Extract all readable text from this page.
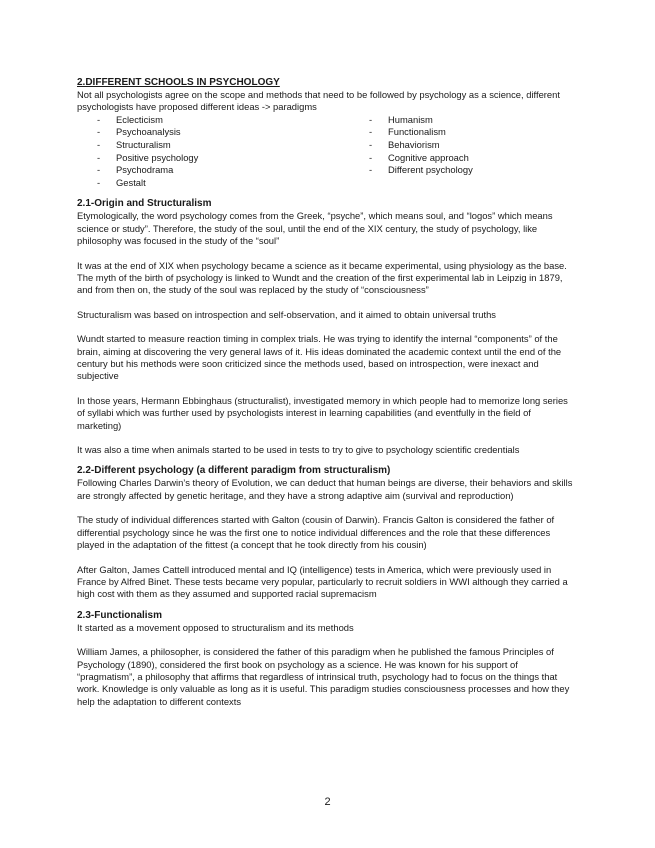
2.DIFFERENT SCHOOLS IN PSYCHOLOGY

Not all psychologists agree on the scope and methods that need to be followed by psychology as a science, different psychologists have proposed different ideas -> paradigms

-	Eclecticism
-	Psychoanalysis
-	Structuralism
-	Positive psychology
-	Psychodrama
-	Gestalt
-	Humanism
-	Functionalism
-	Behaviorism
-	Cognitive approach
-	Different psychology
2.1-Origin and Structuralism

Etymologically, the word psychology comes from the Greek, “psyche”, which means soul, and “logos” which means science or study”. Therefore, the study of the soul, until the end of the XIX century, the study of psychology, like philosophy was focused in the study of the “soul”

It was at the end of XIX when psychology became a science as it became experimental, using physiology as the base. The myth of the birth of psychology is linked to Wundt and the creation of the first experimental lab in Leipzig in 1879, and from then on, the study of the soul was replaced by the study of “consciousness”

Structuralism was based on introspection and self-observation, and it aimed to obtain universal truths

Wundt started to measure reaction timing in complex trials. He was trying to identify the internal “components” of the brain, aiming at discovering the very general laws of it. His ideas dominated the academic context until the end of the century but his methods were soon criticized since the methods used, based on introspection, were inexact and subjective

In those years, Hermann Ebbinghaus (structuralist), investigated memory in which people had to memorize long series of syllabi which was further used by psychologists interest in learning capabilities (and eventfully in the field of marketing)

It was also a time when animals started to be used in tests to try to give to psychology scientific credentials

2.2-Different psychology (a different paradigm from structuralism)

Following Charles Darwin’s theory of Evolution, we can deduct that human beings are diverse, their behaviors and skills are strongly affected by genetic heritage, and they have a strong adaptive aim (survival and reproduction)

The study of individual differences started with Galton (cousin of Darwin). Francis Galton is considered the father of differential psychology since he was the first one to notice individual differences and the role that these differences played in the adaptation of the fittest (a concept that he took directly from his cousin)

After Galton, James Cattell introduced mental and IQ (intelligence) tests in America, which were previously used in France by Alfred Binet. These tests became very popular, particularly to recruit soldiers in WWI although they carried a high cost with them as they assumed and supported racial supremacism

2.3-Functionalism

It started as a movement opposed to structuralism and its methods

William James, a philosopher, is considered the father of this paradigm when he published the famous Principles of Psychology (1890), considered the first book on psychology as a science. He was known for his support of “pragmatism”, a philosophy that affirms that regardless of intrinsical truth, psychology had to focus on the things that work. Knowledge is only valuable as long as it is useful. This paradigm studies consciousness processes and how they help the adaptation to different contexts

2
